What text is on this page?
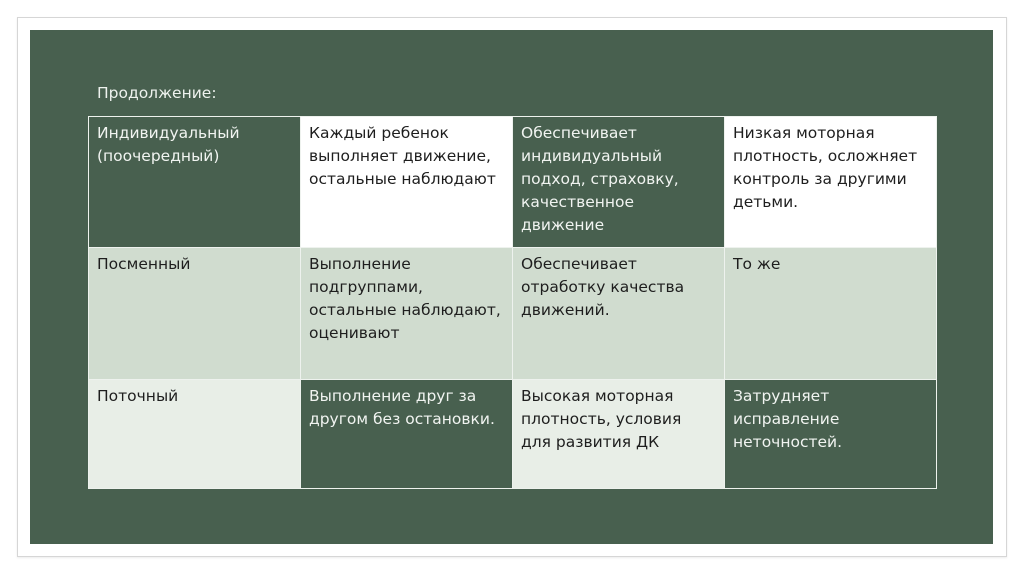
Продолжение:
Индивидуальный (поочередный)	Каждый ребенок выполняет движение, остальные наблюдают	Обеспечивает индивидуальный подход, страховку, качественное движение	Низкая моторная плотность, осложняет контроль за другими детьми.
Посменный	Выполнение подгруппами, остальные наблюдают, оценивают	Обеспечивает отработку качества движений.	То же
Поточный	Выполнение друг за другом без остановки.	Высокая моторная плотность, условия для развития ДК	Затрудняет исправление неточностей.
